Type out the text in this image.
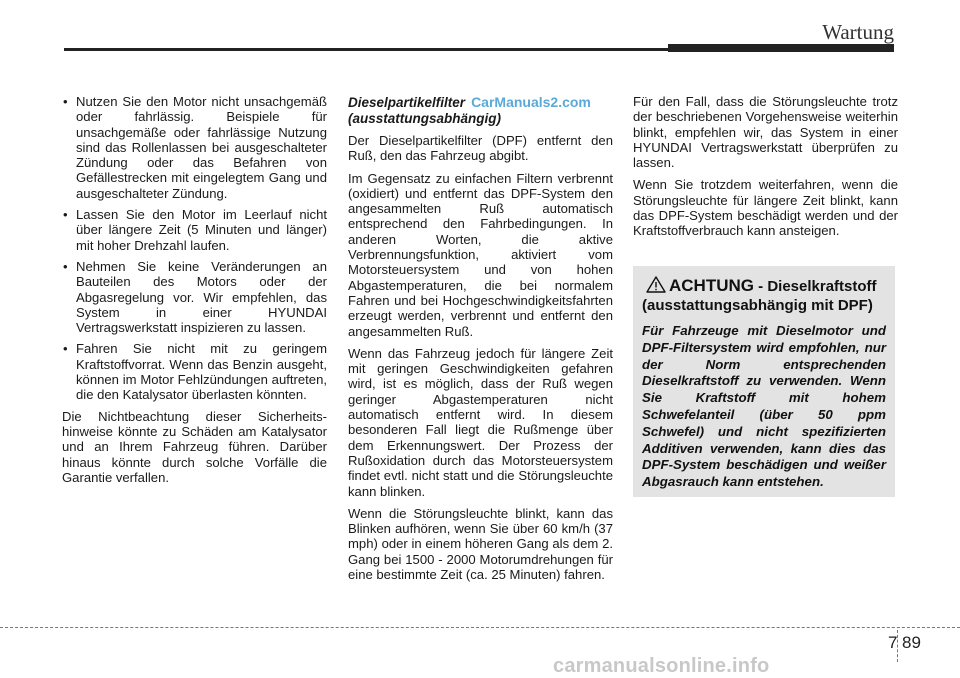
Wartung
• Nutzen Sie den Motor nicht unsachgemäß oder fahrlässig. Beispiele für unsachgemäße oder fahrlässige Nutzung sind das Rollenlassen bei ausgeschalteter Zündung oder das Befahren von Gefällestrecken mit eingelegtem Gang und ausgeschalteter Zündung.
• Lassen Sie den Motor im Leerlauf nicht über längere Zeit (5 Minuten und länger) mit hoher Drehzahl laufen.
• Nehmen Sie keine Veränderungen an Bauteilen des Motors oder der Abgasregelung vor. Wir empfehlen, das System in einer HYUNDAI Vertragswerkstatt inspizieren zu lassen.
• Fahren Sie nicht mit zu geringem Kraftstoffvorrat. Wenn das Benzin ausgeht, können im Motor Fehlzündungen auftreten, die den Katalysator überlasten könnten.

Die Nichtbeachtung dieser Sicherheits-hinweise könnte zu Schäden am Katalysator und an Ihrem Fahrzeug führen. Darüber hinaus könnte durch solche Vorfälle die Garantie verfallen.

Dieselpartikelfilter CarManuals2.com
(ausstattungsabhängig)

Der Dieselpartikelfilter (DPF) entfernt den Ruß, den das Fahrzeug abgibt.

Im Gegensatz zu einfachen Filtern verbrennt (oxidiert) und entfernt das DPF-System den angesammelten Ruß automatisch entsprechend den Fahrbedingungen. In anderen Worten, die aktive Verbrennungsfunktion, aktiviert vom Motorsteuersystem und von hohen Abgastemperaturen, die bei normalem Fahren und bei Hochgeschwindigkeitsfahrten erzeugt werden, verbrennt und entfernt den angesammelten Ruß.

Wenn das Fahrzeug jedoch für längere Zeit mit geringen Geschwindigkeiten gefahren wird, ist es möglich, dass der Ruß wegen geringer Abgastemperaturen nicht automatisch entfernt wird. In diesem besonderen Fall liegt die Rußmenge über dem Erkennungswert. Der Prozess der Rußoxidation durch das Motorsteuersystem findet evtl. nicht statt und die Störungsleuchte kann blinken.

Wenn die Störungsleuchte blinkt, kann das Blinken aufhören, wenn Sie über 60 km/h (37 mph) oder in einem höheren Gang als dem 2. Gang bei 1500 - 2000 Motorumdrehungen für eine bestimmte Zeit (ca. 25 Minuten) fahren.

Für den Fall, dass die Störungsleuchte trotz der beschriebenen Vorgehensweise weiterhin blinkt, empfehlen wir, das System in einer HYUNDAI Vertragswerkstatt überprüfen zu lassen.

Wenn Sie trotzdem weiterfahren, wenn die Störungsleuchte für längere Zeit blinkt, kann das DPF-System beschädigt werden und der Kraftstoffverbrauch kann ansteigen.

ACHTUNG - Dieselkraftstoff
(ausstattungsabhängig mit DPF)
Für Fahrzeuge mit Dieselmotor und DPF-Filtersystem wird empfohlen, nur der Norm entsprechenden Dieselkraftstoff zu verwenden. Wenn Sie Kraftstoff mit hohem Schwefelanteil (über 50 ppm Schwefel) und nicht spezifizierten Additiven verwenden, kann dies das DPF-System beschädigen und weißer Abgasrauch kann entstehen.
7 89
carmanualsonline.info
